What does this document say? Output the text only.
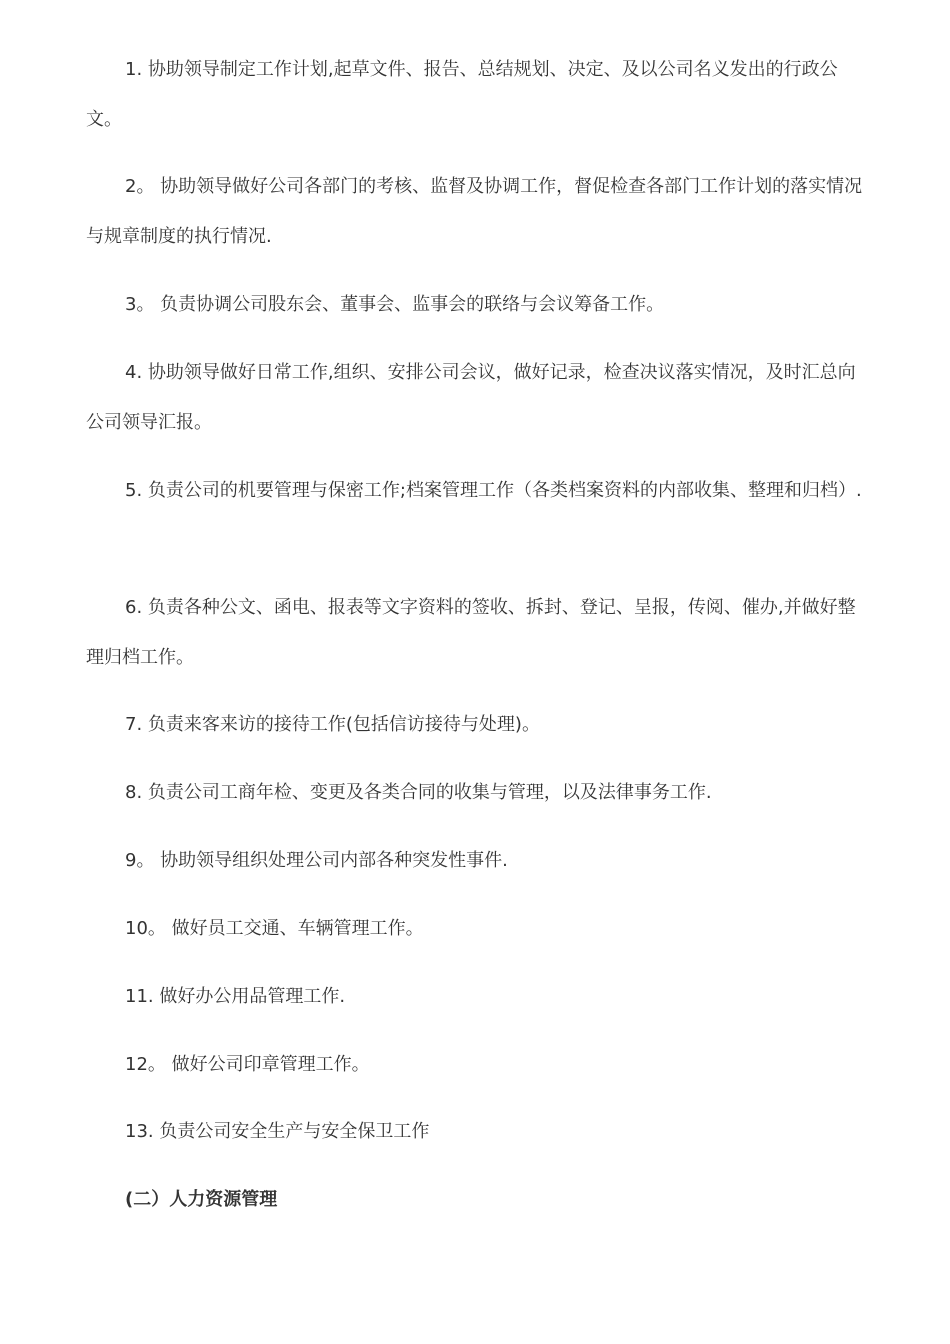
1. 协助领导制定工作计划,起草文件、报告、总结规划、决定、及以公司名义发出的行政公文。

2。 协助领导做好公司各部门的考核、监督及协调工作，督促检查各部门工作计划的落实情况与规章制度的执行情况.

3。 负责协调公司股东会、董事会、监事会的联络与会议筹备工作。

4. 协助领导做好日常工作,组织、安排公司会议，做好记录，检查决议落实情况，及时汇总向公司领导汇报。

5. 负责公司的机要管理与保密工作;档案管理工作（各类档案资料的内部收集、整理和归档）.

6. 负责各种公文、函电、报表等文字资料的签收、拆封、登记、呈报，传阅、催办,并做好整理归档工作。

7. 负责来客来访的接待工作(包括信访接待与处理)。

8. 负责公司工商年检、变更及各类合同的收集与管理，以及法律事务工作.

9。 协助领导组织处理公司内部各种突发性事件.

10。 做好员工交通、车辆管理工作。

11. 做好办公用品管理工作.

12。 做好公司印章管理工作。

13. 负责公司安全生产与安全保卫工作

(二）人力资源管理
